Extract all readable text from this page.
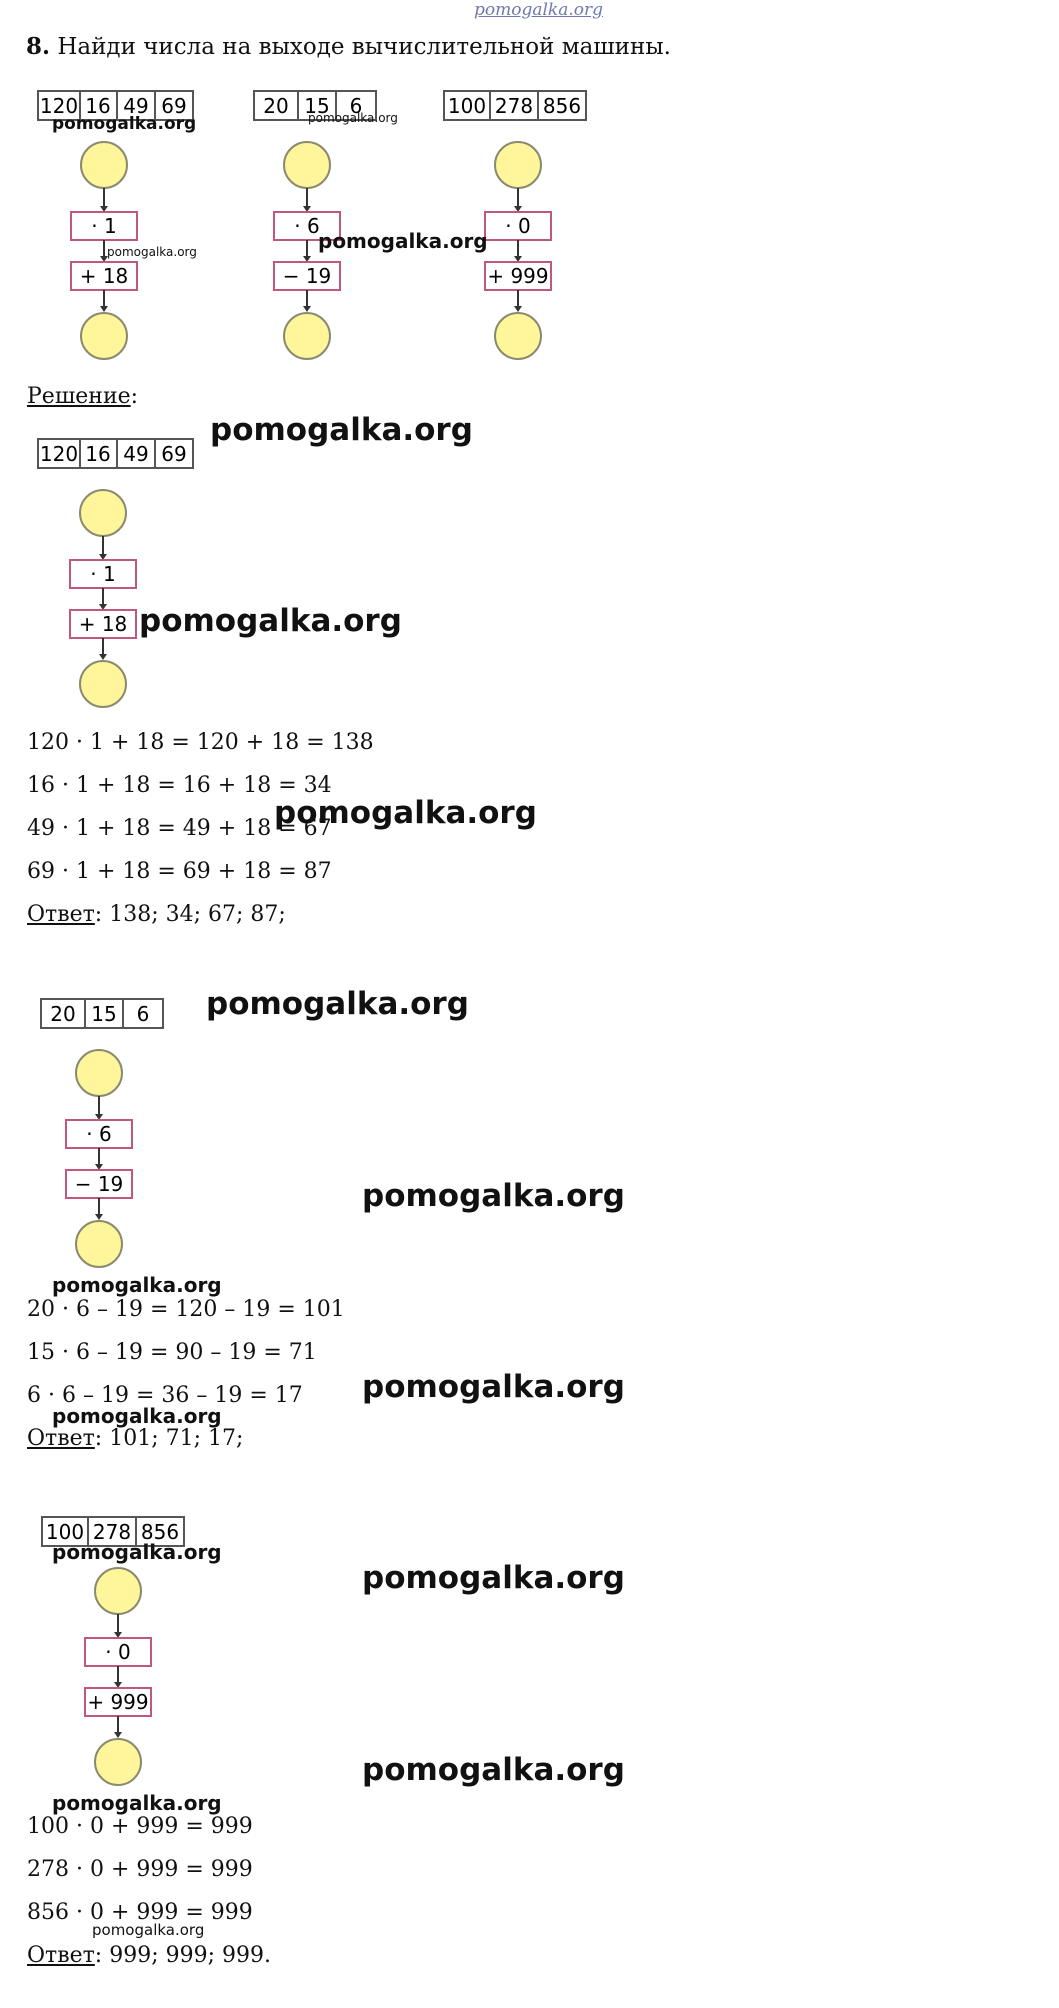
pomogalka.org
8. Найди числа на выходе вычислительной машины.
120 16 49 69
· 1
+ 18
20 15 6
· 6
− 19
100 278 856
· 0
+ 999
pomogalka.org	pomogalka.org
pomogalka.org	pomogalka.org
Решение:
120 16 49 69
· 1
+ 18
pomogalka.org
pomogalka.org
120 · 1 + 18 = 120 + 18 = 138
16 · 1 + 18 = 16 + 18 = 34
49 · 1 + 18 = 49 + 18 = 67
69 · 1 + 18 = 69 + 18 = 87
pomogalka.org
Ответ: 138; 34; 67; 87;
20 15 6
· 6
− 19
pomogalka.org
pomogalka.org
pomogalka.org
20 · 6 – 19 = 120 – 19 = 101
15 · 6 – 19 = 90 – 19 = 71
6 · 6 – 19 = 36 – 19 = 17 pomogalka.org
pomogalka.org
Ответ: 101; 71; 17;
100 278 856
· 0
+ 999
pomogalka.org
pomogalka.org
pomogalka.org
pomogalka.org
100 · 0 + 999 = 999
278 · 0 + 999 = 999
856 · 0 + 999 = 999
pomogalka.org
Ответ: 999; 999; 999.
